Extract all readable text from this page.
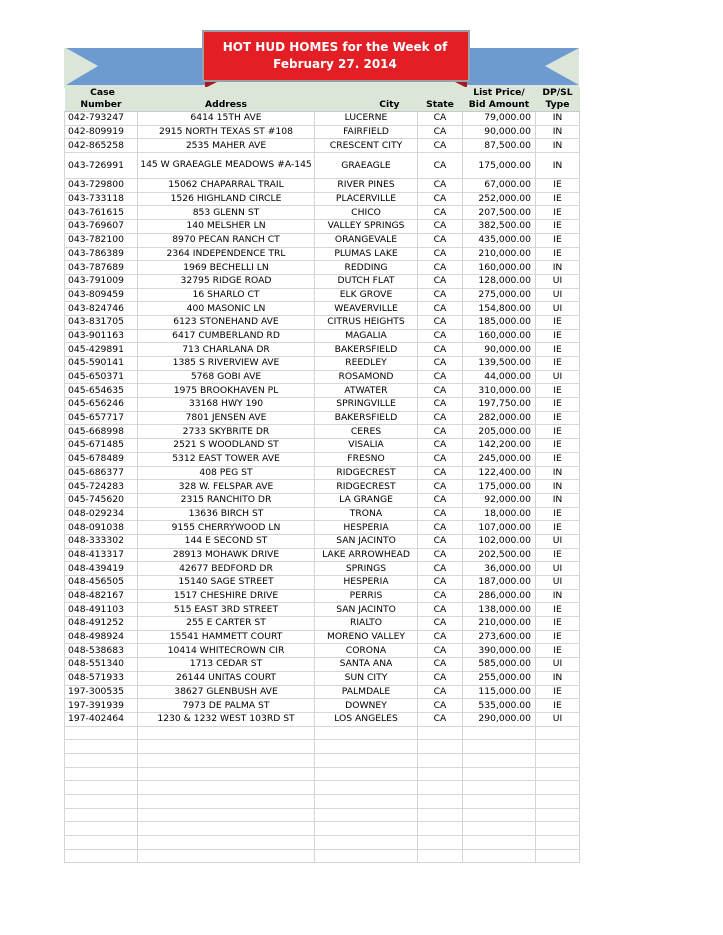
HOT HUD HOMES for the Week of
February 27. 2014
Case				List Price/	DP/SL
Number	Address	City	State	Bid Amount	Type
042-793247	6414 15TH AVE	LUCERNE	CA	79,000.00	IN
042-809919	2915 NORTH TEXAS ST #108	FAIRFIELD	CA	90,000.00	IN
042-865258	2535 MAHER AVE	CRESCENT CITY	CA	87,500.00	IN
043-726991	145 W GRAEAGLE MEADOWS #A-145	GRAEAGLE	CA	175,000.00	IN
043-729800	15062 CHAPARRAL TRAIL	RIVER PINES	CA	67,000.00	IE
043-733118	1526 HIGHLAND CIRCLE	PLACERVILLE	CA	252,000.00	IE
043-761615	853 GLENN ST	CHICO	CA	207,500.00	IE
043-769607	140 MELSHER LN	VALLEY SPRINGS	CA	382,500.00	IE
043-782100	8970 PECAN RANCH CT	ORANGEVALE	CA	435,000.00	IE
043-786389	2364 INDEPENDENCE TRL	PLUMAS LAKE	CA	210,000.00	IE
043-787689	1969 BECHELLI LN	REDDING	CA	160,000.00	IN
043-791009	32795 RIDGE ROAD	DUTCH FLAT	CA	128,000.00	UI
043-809459	16 SHARLO CT	ELK GROVE	CA	275,000.00	UI
043-824746	400 MASONIC LN	WEAVERVILLE	CA	154,800.00	UI
043-831705	6123 STONEHAND AVE	CITRUS HEIGHTS	CA	185,000.00	IE
043-901163	6417 CUMBERLAND RD	MAGALIA	CA	160,000.00	IE
045-429891	713 CHARLANA DR	BAKERSFIELD	CA	90,000.00	IE
045-590141	1385 S RIVERVIEW AVE	REEDLEY	CA	139,500.00	IE
045-650371	5768 GOBI AVE	ROSAMOND	CA	44,000.00	UI
045-654635	1975 BROOKHAVEN PL	ATWATER	CA	310,000.00	IE
045-656246	33168 HWY 190	SPRINGVILLE	CA	197,750.00	IE
045-657717	7801 JENSEN AVE	BAKERSFIELD	CA	282,000.00	IE
045-668998	2733 SKYBRITE DR	CERES	CA	205,000.00	IE
045-671485	2521 S WOODLAND ST	VISALIA	CA	142,200.00	IE
045-678489	5312 EAST TOWER AVE	FRESNO	CA	245,000.00	IE
045-686377	408 PEG ST	RIDGECREST	CA	122,400.00	IN
045-724283	328 W. FELSPAR AVE	RIDGECREST	CA	175,000.00	IN
045-745620	2315 RANCHITO DR	LA GRANGE	CA	92,000.00	IN
048-029234	13636 BIRCH ST	TRONA	CA	18,000.00	IE
048-091038	9155 CHERRYWOOD LN	HESPERIA	CA	107,000.00	IE
048-333302	144 E SECOND ST	SAN JACINTO	CA	102,000.00	UI
048-413317	28913 MOHAWK DRIVE	LAKE ARROWHEAD	CA	202,500.00	IE
048-439419	42677 BEDFORD DR	SPRINGS	CA	36,000.00	UI
048-456505	15140 SAGE STREET	HESPERIA	CA	187,000.00	UI
048-482167	1517 CHESHIRE DRIVE	PERRIS	CA	286,000.00	IN
048-491103	515 EAST 3RD STREET	SAN JACINTO	CA	138,000.00	IE
048-491252	255 E CARTER ST	RIALTO	CA	210,000.00	IE
048-498924	15541 HAMMETT COURT	MORENO VALLEY	CA	273,600.00	IE
048-538683	10414 WHITECROWN CIR	CORONA	CA	390,000.00	IE
048-551340	1713 CEDAR ST	SANTA ANA	CA	585,000.00	UI
048-571933	26144 UNITAS COURT	SUN CITY	CA	255,000.00	IN
197-300535	38627 GLENBUSH AVE	PALMDALE	CA	115,000.00	IE
197-391939	7973 DE PALMA ST	DOWNEY	CA	535,000.00	IE
197-402464	1230 & 1232 WEST 103RD ST	LOS ANGELES	CA	290,000.00	UI
